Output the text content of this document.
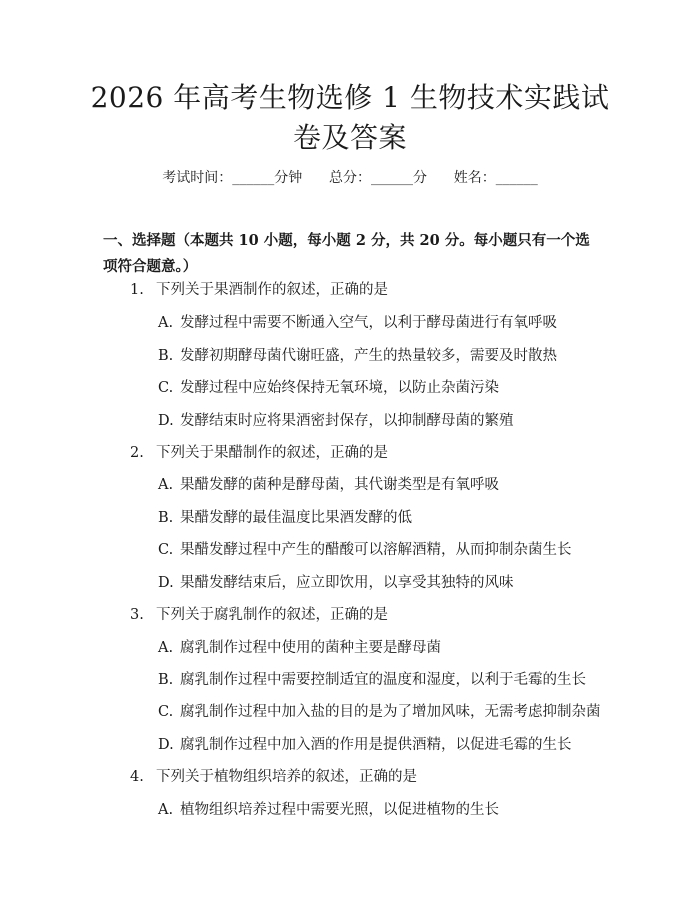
2026 年高考生物选修 1 生物技术实践试卷及答案
考试时间：______分钟      总分：______分      姓名：______
一、选择题（本题共 10 小题，每小题 2 分，共 20 分。每小题只有一个选项符合题意。）
1. 下列关于果酒制作的叙述，正确的是
A. 发酵过程中需要不断通入空气，以利于酵母菌进行有氧呼吸
B. 发酵初期酵母菌代谢旺盛，产生的热量较多，需要及时散热
C. 发酵过程中应始终保持无氧环境，以防止杂菌污染
D. 发酵结束时应将果酒密封保存，以抑制酵母菌的繁殖
2. 下列关于果醋制作的叙述，正确的是
A. 果醋发酵的菌种是酵母菌，其代谢类型是有氧呼吸
B. 果醋发酵的最佳温度比果酒发酵的低
C. 果醋发酵过程中产生的醋酸可以溶解酒精，从而抑制杂菌生长
D. 果醋发酵结束后，应立即饮用，以享受其独特的风味
3. 下列关于腐乳制作的叙述，正确的是
A. 腐乳制作过程中使用的菌种主要是酵母菌
B. 腐乳制作过程中需要控制适宜的温度和湿度，以利于毛霉的生长
C. 腐乳制作过程中加入盐的目的是为了增加风味，无需考虑抑制杂菌
D. 腐乳制作过程中加入酒的作用是提供酒精，以促进毛霉的生长
4. 下列关于植物组织培养的叙述，正确的是
A. 植物组织培养过程中需要光照，以促进植物的生长
